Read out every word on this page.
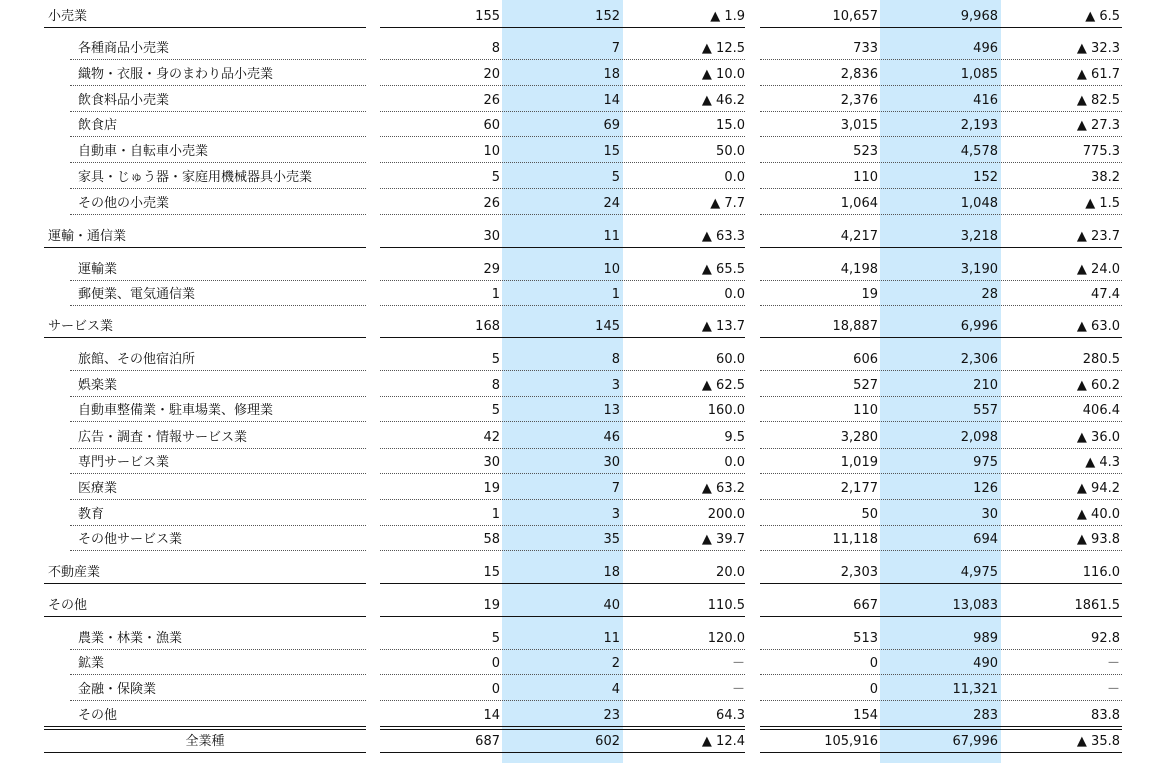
小売業	155	152	▲ 1.9	10,657	9,968	▲ 6.5
各種商品小売業	8	7	▲ 12.5	733	496	▲ 32.3
織物・衣服・身のまわり品小売業	20	18	▲ 10.0	2,836	1,085	▲ 61.7
飲食料品小売業	26	14	▲ 46.2	2,376	416	▲ 82.5
飲食店	60	69	15.0	3,015	2,193	▲ 27.3
自動車・自転車小売業	10	15	50.0	523	4,578	775.3
家具・じゅう器・家庭用機械器具小売業	5	5	0.0	110	152	38.2
その他の小売業	26	24	▲ 7.7	1,064	1,048	▲ 1.5
運輸・通信業	30	11	▲ 63.3	4,217	3,218	▲ 23.7
運輸業	29	10	▲ 65.5	4,198	3,190	▲ 24.0
郵便業、電気通信業	1	1	0.0	19	28	47.4
サービス業	168	145	▲ 13.7	18,887	6,996	▲ 63.0
旅館、その他宿泊所	5	8	60.0	606	2,306	280.5
娯楽業	8	3	▲ 62.5	527	210	▲ 60.2
自動車整備業・駐車場業、修理業	5	13	160.0	110	557	406.4
広告・調査・情報サービス業	42	46	9.5	3,280	2,098	▲ 36.0
専門サービス業	30	30	0.0	1,019	975	▲ 4.3
医療業	19	7	▲ 63.2	2,177	126	▲ 94.2
教育	1	3	200.0	50	30	▲ 40.0
その他サービス業	58	35	▲ 39.7	11,118	694	▲ 93.8
不動産業	15	18	20.0	2,303	4,975	116.0
その他	19	40	110.5	667	13,083	1861.5
農業・林業・漁業	5	11	120.0	513	989	92.8
鉱業	0	2	－	0	490	－
金融・保険業	0	4	－	0	11,321	－
その他	14	23	64.3	154	283	83.8
全業種	687	602	▲ 12.4	105,916	67,996	▲ 35.8
